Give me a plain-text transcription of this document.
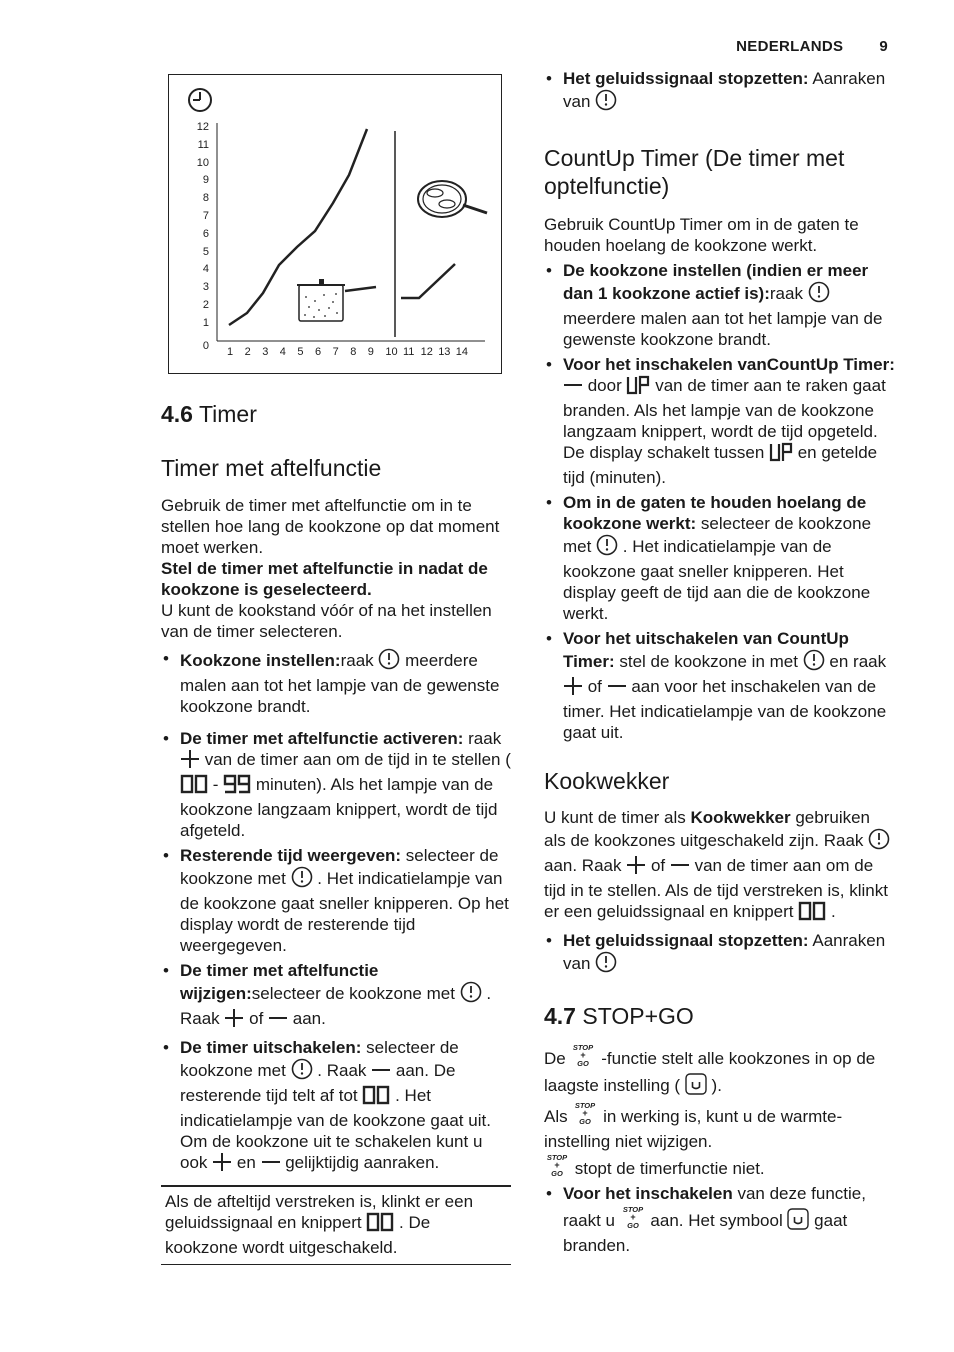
NEDERLANDS 9
12
11
10
9
8
7
6
5
4
3
2
1
0 1 2 3 4 5 6 7 8 9 10 11 12 13 14
4.6 Timer
Timer met aftelfunctie

Gebruik de timer met aftelfunctie om in te stellen hoe lang de kookzone op dat moment moet werken.

Stel de timer met aftelfunctie in nadat de kookzone is geselecteerd.

U kunt de kookstand vóór of na het instellen van de timer selecteren.

• Kookzone instellen:raak  meerdere malen aan tot het lampje van de gewenste kookzone brandt.
• De timer met aftelfunctie activeren: raak  van de timer aan om de tijd in te stellen (  -  minuten). Als het lampje van de kookzone langzaam knippert, wordt de tijd afgeteld.
• Resterende tijd weergeven: selecteer de kookzone met  . Het indicatielampje van de kookzone gaat sneller knipperen. Op het display wordt de resterende tijd weergegeven.
• De timer met aftelfunctie wijzigen:selecteer de kookzone met  . Raak  of  aan.
• De timer uitschakelen: selecteer de kookzone met  . Raak  aan. De resterende tijd telt af tot  . Het indicatielampje van de kookzone gaat uit. Om de kookzone uit te schakelen kunt u ook  en  gelijktijdig aanraken.
Als de afteltijd verstreken is, klinkt er een geluidssignaal en knippert  . De kookzone wordt uitgeschakeld.
• Het geluidssignaal stopzetten: Aanraken van
CountUp Timer (De timer met optelfunctie)

Gebruik CountUp Timer om in de gaten te houden hoelang de kookzone werkt.

• De kookzone instellen (indien er meer dan 1 kookzone actief is):raak  meerdere malen aan tot het lampje van de gewenste kookzone brandt.
• Voor het inschakelen vanCountUp Timer:  door  van de timer aan te raken gaat branden. Als het lampje van de kookzone langzaam knippert, wordt de tijd opgeteld. De display schakelt tussen  en getelde tijd (minuten).
• Om in de gaten te houden hoelang de kookzone werkt: selecteer de kookzone met  . Het indicatielampje van de kookzone gaat sneller knipperen. Het display geeft de tijd aan die de kookzone werkt.
• Voor het uitschakelen van CountUp Timer: stel de kookzone in met  en raak  of  aan voor het inschakelen van de timer. Het indicatielampje van de kookzone gaat uit.
Kookwekker

U kunt de timer als Kookwekker gebruiken als de kookzones uitgeschakeld zijn. Raak  aan. Raak  of  van de timer aan om de tijd in te stellen. Als de tijd verstreken is, klinkt er een geluidssignaal en knippert  .

• Het geluidssignaal stopzetten: Aanraken van
4.7 STOP+GO

De
STOP
+
GO -functie stelt alle kookzones in op de laagste instelling (  ).

Als
STOP
+
GO in werking is, kunt u de warmte-instelling niet wijzigen.

STOP
+
GO stopt de timerfunctie niet.

• Voor het inschakelen van deze functie, raakt u
STOP
+
GO aan. Het symbool  gaat branden.
